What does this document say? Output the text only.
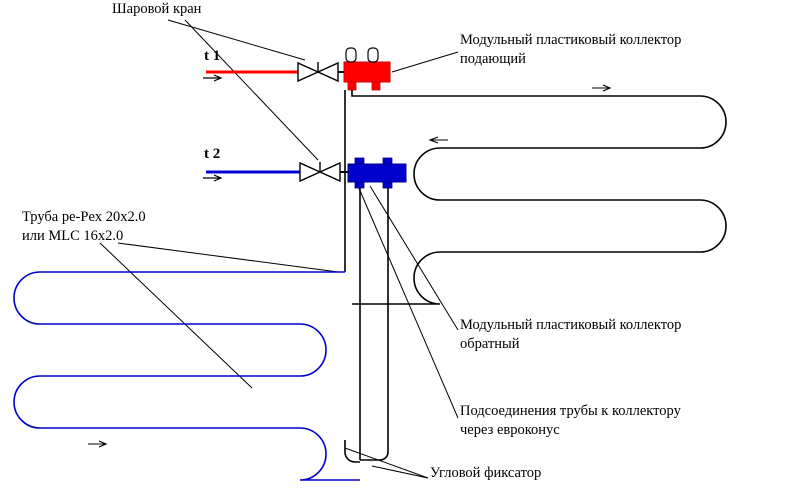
t 1
t 2
Шаровой кран
Модульный пластиковый коллектор
подающий
Труба pe-Pex 20х2.0
или MLC 16х2.0
Модульный пластиковый коллектор
обратный
Подсоединения трубы к коллектору
через евроконус
Угловой фиксатор
